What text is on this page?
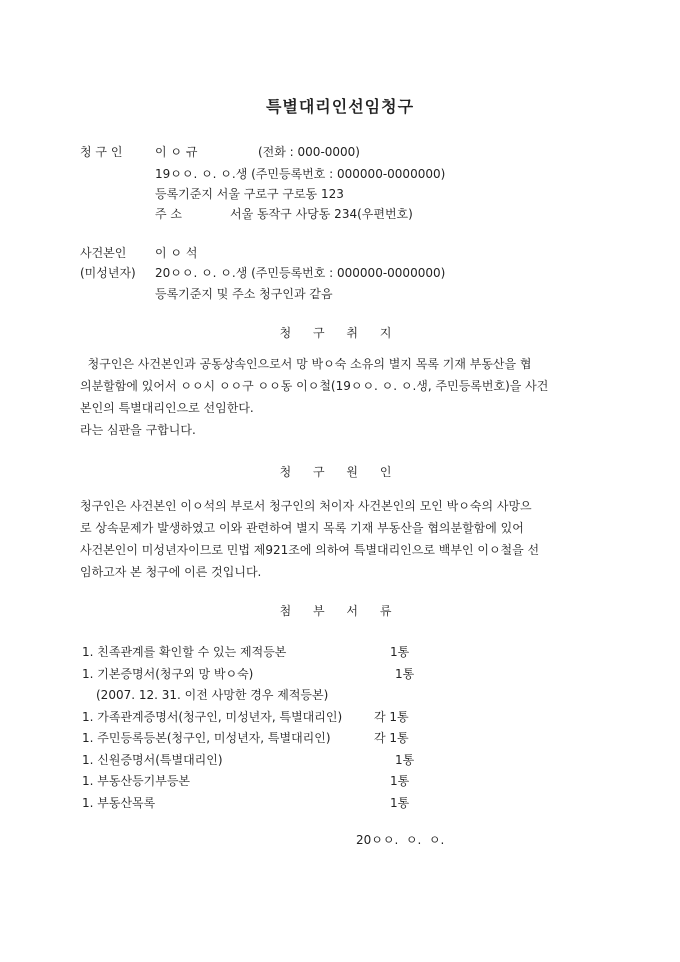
특별대리인선임청구
청 구 인	이 ㅇ 규	(전화 : 000-0000)
19ㅇㅇ. ㅇ. ㅇ.생 (주민등록번호 : 000000-0000000)
등록기준지 서울 구로구 구로동 123
주 소	서울 동작구 사당동 234(우편번호)
사건본인 이 ㅇ 석
(미성년자) 20ㅇㅇ. ㅇ. ㅇ.생 (주민등록번호 : 000000-0000000)
등록기준지 및 주소 청구인과 같음
청 구 취 지
청구인은 사건본인과 공동상속인으로서 망 박ㅇ숙 소유의 별지 목록 기재 부동산을 협
의분할함에 있어서 ㅇㅇ시 ㅇㅇ구 ㅇㅇ동 이ㅇ철(19ㅇㅇ. ㅇ. ㅇ.생, 주민등록번호)을 사건
본인의 특별대리인으로 선임한다.
라는 심판을 구합니다.
청 구 원 인
청구인은 사건본인 이ㅇ석의 부로서 청구인의 처이자 사건본인의 모인 박ㅇ숙의 사망으
로 상속문제가 발생하였고 이와 관련하여 별지 목록 기재 부동산을 협의분할함에 있어
사건본인이 미성년자이므로 민법 제921조에 의하여 특별대리인으로 백부인 이ㅇ철을 선
임하고자 본 청구에 이른 것입니다.
첨 부 서 류
1. 친족관계를 확인할 수 있는 제적등본	1통
1. 기본증명서(청구외 망 박ㅇ숙)	1통
(2007. 12. 31. 이전 사망한 경우 제적등본)
1. 가족관계증명서(청구인, 미성년자, 특별대리인)	각 1통
1. 주민등록등본(청구인, 미성년자, 특별대리인)	각 1통
1. 신원증명서(특별대리인)	1통
1. 부동산등기부등본	1통
1. 부동산목록	1통
20ㅇㅇ.  ㅇ.  ㅇ.
